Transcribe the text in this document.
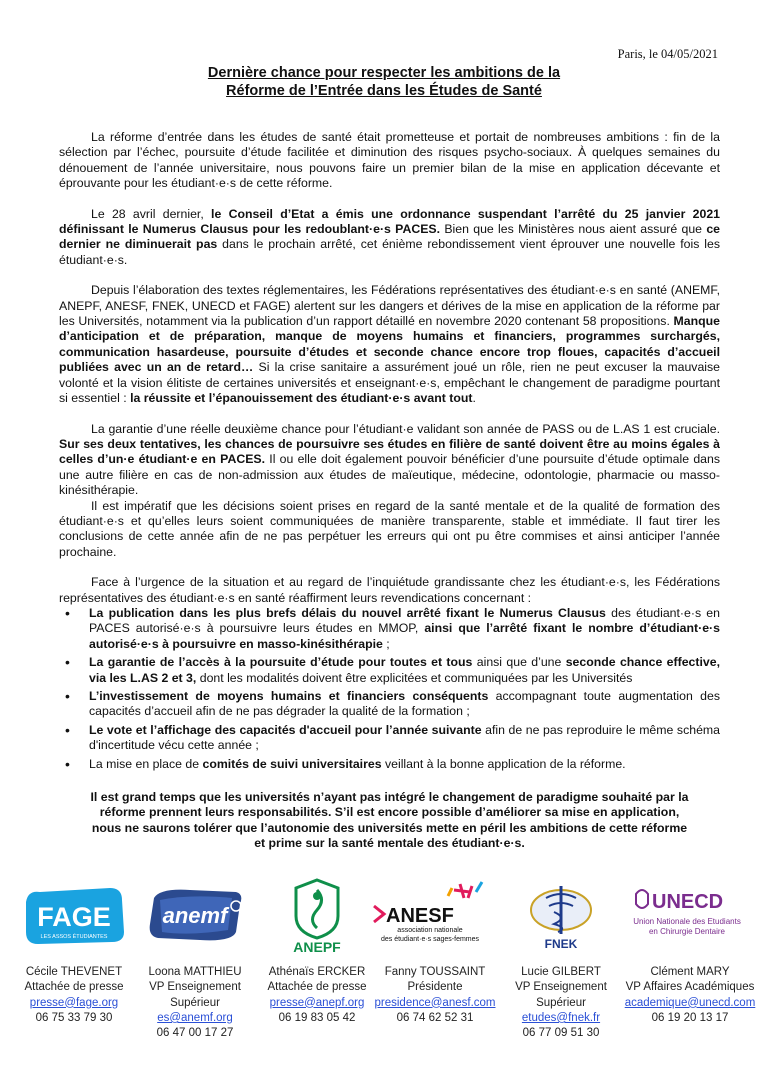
Paris, le 04/05/2021
Dernière chance pour respecter les ambitions de la
Réforme de l’Entrée dans les Études de Santé

La réforme d’entrée dans les études de santé était prometteuse et portait de nombreuses ambitions : fin de la sélection par l’échec, poursuite d’étude facilitée et diminution des risques psycho-sociaux. À quelques semaines du dénouement de l’année universitaire, nous pouvons faire un premier bilan de la mise en application décevante et éprouvante pour les étudiant·e·s de cette réforme.

Le 28 avril dernier, le Conseil d’Etat a émis une ordonnance suspendant l’arrêté du 25 janvier 2021 définissant le Numerus Clausus pour les redoublant·e·s PACES. Bien que les Ministères nous aient assuré que ce dernier ne diminuerait pas dans le prochain arrêté, cet énième rebondissement vient éprouver une nouvelle fois les étudiant·e·s.

Depuis l’élaboration des textes réglementaires, les Fédérations représentatives des étudiant·e·s en santé (ANEMF, ANEPF, ANESF, FNEK, UNECD et FAGE) alertent sur les dangers et dérives de la mise en application de la réforme par les Universités, notamment via la publication d’un rapport détaillé en novembre 2020 contenant 58 propositions. Manque d’anticipation et de préparation, manque de moyens humains et financiers, programmes surchargés, communication hasardeuse, poursuite d’études et seconde chance encore trop floues, capacités d’accueil publiées avec un an de retard… Si la crise sanitaire a assurément joué un rôle, rien ne peut excuser la mauvaise volonté et la vision élitiste de certaines universités et enseignant·e·s, empêchant le changement de paradigme pourtant si essentiel : la réussite et l’épanouissement des étudiant·e·s avant tout.

La garantie d’une réelle deuxième chance pour l’étudiant·e validant son année de PASS ou de L.AS 1 est cruciale. Sur ses deux tentatives, les chances de poursuivre ses études en filière de santé doivent être au moins égales à celles d’un·e étudiant·e en PACES. Il ou elle doit également pouvoir bénéficier d’une poursuite d’étude optimale dans une autre filière en cas de non-admission aux études de maïeutique, médecine, odontologie, pharmacie ou masso-kinésithérapie.

Il est impératif que les décisions soient prises en regard de la santé mentale et de la qualité de formation des étudiant·e·s et qu’elles leurs soient communiquées de manière transparente, stable et immédiate. Il faut tirer les conclusions de cette année afin de ne pas perpétuer les erreurs qui ont pu être commises et ainsi anticiper l’année prochaine.

Face à l’urgence de la situation et au regard de l’inquiétude grandissante chez les étudiant·e·s, les Fédérations représentatives des étudiant·e·s en santé réaffirment leurs revendications concernant :

• La publication dans les plus brefs délais du nouvel arrêté fixant le Numerus Clausus des étudiant·e·s en PACES autorisé·e·s à poursuivre leurs études en MMOP, ainsi que l’arrêté fixant le nombre d’étudiant·e·s autorisé·e·s à poursuivre en masso-kinésithérapie ;
• La garantie de l’accès à la poursuite d’étude pour toutes et tous ainsi que d’une seconde chance effective, via les L.AS 2 et 3, dont les modalités doivent être explicitées et communiquées par les Universités
• L’investissement de moyens humains et financiers conséquents accompagnant toute augmentation des capacités d’accueil afin de ne pas dégrader la qualité de la formation ;
• Le vote et l’affichage des capacités d'accueil pour l’année suivante afin de ne pas reproduire le même schéma d'incertitude vécu cette année ;
• La mise en place de comités de suivi universitaires veillant à la bonne application de la réforme.

Il est grand temps que les universités n’ayant pas intégré le changement de paradigme souhaité par la réforme prennent leurs responsabilités. S’il est encore possible d’améliorer sa mise en application, nous ne saurons tolérer que l’autonomie des universités mette en péril les ambitions de cette réforme et prime sur la santé mentale des étudiant·e·s.

FAGE
LES ASSOS ÉTUDIANTES
anemf
ANEPF
ANESF
association nationale
des étudiant·e·s sages-femmes	FNEK
UNECD
Union Nationale des Etudiants
en Chirurgie Dentaire
Cécile THEVENET
Attachée de presse
presse@fage.org
06 75 33 79 30
Loona MATTHIEU
VP Enseignement Supérieur
es@anemf.org
06 47 00 17 27
Athénaïs ERCKER
Attachée de presse
presse@anepf.org
06 19 83 05 42
Fanny TOUSSAINT
Présidente
presidence@anesf.com
06 74 62 52 31
Lucie GILBERT
VP Enseignement Supérieur
etudes@fnek.fr
06 77 09 51 30
Clément MARY
VP Affaires Académiques
academique@unecd.com
06 19 20 13 17
